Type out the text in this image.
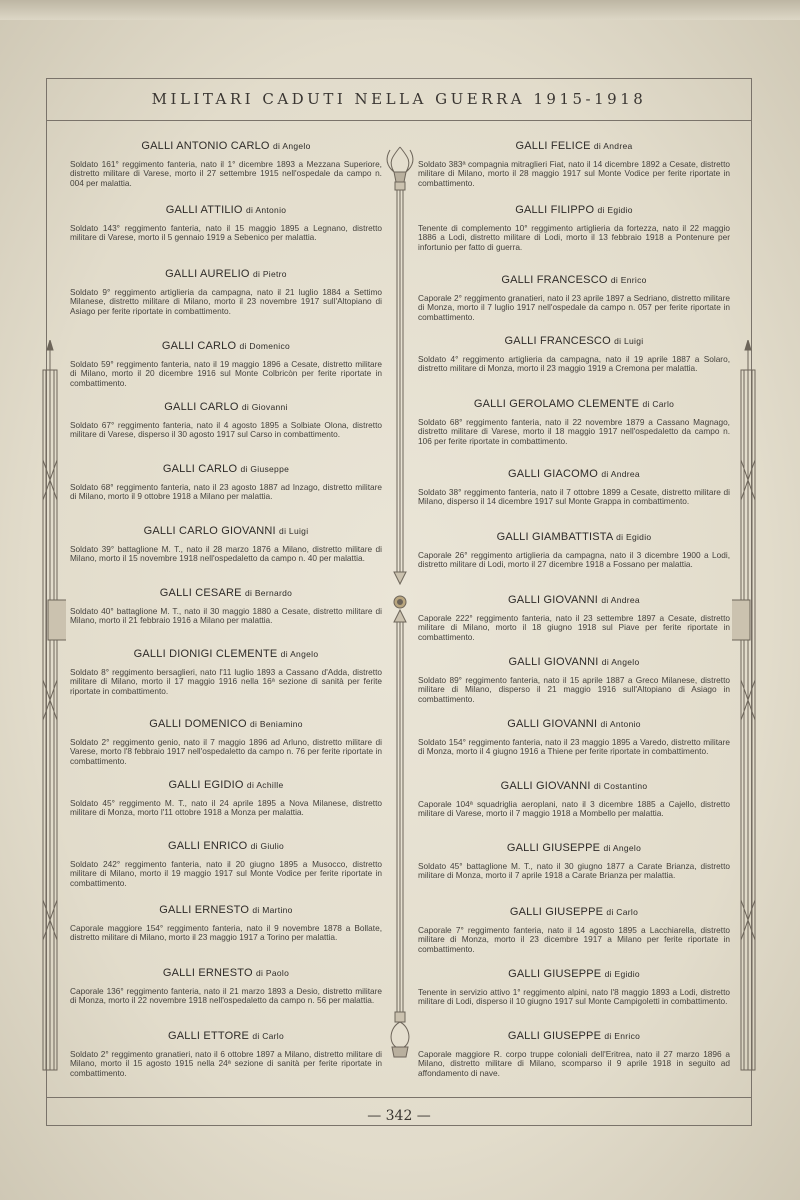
MILITARI CADUTI NELLA GUERRA 1915-1918
— 342 —

GALLI ANTONIO CARLO di Angelo

Soldato 161° reggimento fanteria, nato il 1° dicembre 1893 a Mezzana Superiore, distretto militare di Varese, morto il 27 settembre 1915 nell'ospedale da campo n. 004 per malattia.

GALLI ATTILIO di Antonio

Soldato 143° reggimento fanteria, nato il 15 maggio 1895 a Legnano, distretto militare di Varese, morto il 5 gennaio 1919 a Sebenico per malattia.

GALLI AURELIO di Pietro

Soldato 9° reggimento artiglieria da campagna, nato il 21 luglio 1884 a Settimo Milanese, distretto militare di Milano, morto il 23 novembre 1917 sull'Altopiano di Asiago per ferite riportate in combattimento.

GALLI CARLO di Domenico

Soldato 59° reggimento fanteria, nato il 19 maggio 1896 a Cesate, distretto militare di Milano, morto il 20 dicembre 1916 sul Monte Colbricòn per ferite riportate in combattimento.

GALLI CARLO di Giovanni

Soldato 67° reggimento fanteria, nato il 4 agosto 1895 a Solbiate Olona, distretto militare di Varese, disperso il 30 agosto 1917 sul Carso in combattimento.

GALLI CARLO di Giuseppe

Soldato 68° reggimento fanteria, nato il 23 agosto 1887 ad Inzago, distretto militare di Milano, morto il 9 ottobre 1918 a Milano per malattia.

GALLI CARLO GIOVANNI di Luigi

Soldato 39° battaglione M. T., nato il 28 marzo 1876 a Milano, distretto militare di Milano, morto il 15 novembre 1918 nell'ospedaletto da campo n. 40 per malattia.

GALLI CESARE di Bernardo

Soldato 40° battaglione M. T., nato il 30 maggio 1880 a Cesate, distretto militare di Milano, morto il 21 febbraio 1916 a Milano per malattia.

GALLI DIONIGI CLEMENTE di Angelo

Soldato 8° reggimento bersaglieri, nato l'11 luglio 1893 a Cassano d'Adda, distretto militare di Milano, morto il 17 maggio 1916 nella 16ª sezione di sanità per ferite riportate in combattimento.

GALLI DOMENICO di Beniamino

Soldato 2° reggimento genio, nato il 7 maggio 1896 ad Arluno, distretto militare di Varese, morto l'8 febbraio 1917 nell'ospedaletto da campo n. 76 per ferite riportate in combattimento.

GALLI EGIDIO di Achille

Soldato 45° reggimento M. T., nato il 24 aprile 1895 a Nova Milanese, distretto militare di Monza, morto l'11 ottobre 1918 a Monza per malattia.

GALLI ENRICO di Giulio

Soldato 242° reggimento fanteria, nato il 20 giugno 1895 a Musocco, distretto militare di Milano, morto il 19 maggio 1917 sul Monte Vodice per ferite riportate in combattimento.

GALLI ERNESTO di Martino

Caporale maggiore 154° reggimento fanteria, nato il 9 novembre 1878 a Bollate, distretto militare di Milano, morto il 23 maggio 1917 a Torino per malattia.

GALLI ERNESTO di Paolo

Caporale 136° reggimento fanteria, nato il 21 marzo 1893 a Desio, distretto militare di Monza, morto il 22 novembre 1918 nell'ospedaletto da campo n. 56 per malattia.

GALLI ETTORE di Carlo

Soldato 2° reggimento granatieri, nato il 6 ottobre 1897 a Milano, distretto militare di Milano, morto il 15 agosto 1915 nella 24ª sezione di sanità per ferite riportate in combattimento.

GALLI FELICE di Andrea

Soldato 383ª compagnia mitraglieri Fiat, nato il 14 dicembre 1892 a Cesate, distretto militare di Milano, morto il 28 maggio 1917 sul Monte Vodice per ferite riportate in combattimento.

GALLI FILIPPO di Egidio

Tenente di complemento 10° reggimento artiglieria da fortezza, nato il 22 maggio 1886 a Lodi, distretto militare di Lodi, morto il 13 febbraio 1918 a Pontenure per infortunio per fatto di guerra.

GALLI FRANCESCO di Enrico

Caporale 2° reggimento granatieri, nato il 23 aprile 1897 a Sedriano, distretto militare di Monza, morto il 7 luglio 1917 nell'ospedale da campo n. 057 per ferite riportate in combattimento.

GALLI FRANCESCO di Luigi

Soldato 4° reggimento artiglieria da campagna, nato il 19 aprile 1887 a Solaro, distretto militare di Monza, morto il 23 maggio 1919 a Cremona per malattia.

GALLI GEROLAMO CLEMENTE di Carlo

Soldato 68° reggimento fanteria, nato il 22 novembre 1879 a Cassano Magnago, distretto militare di Varese, morto il 18 maggio 1917 nell'ospedaletto da campo n. 106 per ferite riportate in combattimento.

GALLI GIACOMO di Andrea

Soldato 38° reggimento fanteria, nato il 7 ottobre 1899 a Cesate, distretto militare di Milano, disperso il 14 dicembre 1917 sul Monte Grappa in combattimento.

GALLI GIAMBATTISTA di Egidio

Caporale 26° reggimento artiglieria da campagna, nato il 3 dicembre 1900 a Lodi, distretto militare di Lodi, morto il 27 dicembre 1918 a Fossano per malattia.

GALLI GIOVANNI di Andrea

Caporale 222° reggimento fanteria, nato il 23 settembre 1897 a Cesate, distretto militare di Milano, morto il 18 giugno 1918 sul Piave per ferite riportate in combattimento.

GALLI GIOVANNI di Angelo

Soldato 89° reggimento fanteria, nato il 15 aprile 1887 a Greco Milanese, distretto militare di Milano, disperso il 21 maggio 1916 sull'Altopiano di Asiago in combattimento.

GALLI GIOVANNI di Antonio

Soldato 154° reggimento fanteria, nato il 23 maggio 1895 a Varedo, distretto militare di Monza, morto il 4 giugno 1916 a Thiene per ferite riportate in combattimento.

GALLI GIOVANNI di Costantino

Caporale 104ª squadriglia aeroplani, nato il 3 dicembre 1885 a Cajello, distretto militare di Varese, morto il 7 maggio 1918 a Mombello per malattia.

GALLI GIUSEPPE di Angelo

Soldato 45° battaglione M. T., nato il 30 giugno 1877 a Carate Brianza, distretto militare di Monza, morto il 7 aprile 1918 a Carate Brianza per malattia.

GALLI GIUSEPPE di Carlo

Caporale 7° reggimento fanteria, nato il 14 agosto 1895 a Lacchiarella, distretto militare di Monza, morto il 23 dicembre 1917 a Milano per ferite riportate in combattimento.

GALLI GIUSEPPE di Egidio

Tenente in servizio attivo 1° reggimento alpini, nato l'8 maggio 1893 a Lodi, distretto militare di Lodi, disperso il 10 giugno 1917 sul Monte Campigoletti in combattimento.

GALLI GIUSEPPE di Enrico

Caporale maggiore R. corpo truppe coloniali dell'Eritrea, nato il 27 marzo 1896 a Milano, distretto militare di Milano, scomparso il 9 aprile 1918 in seguito ad affondamento di nave.
